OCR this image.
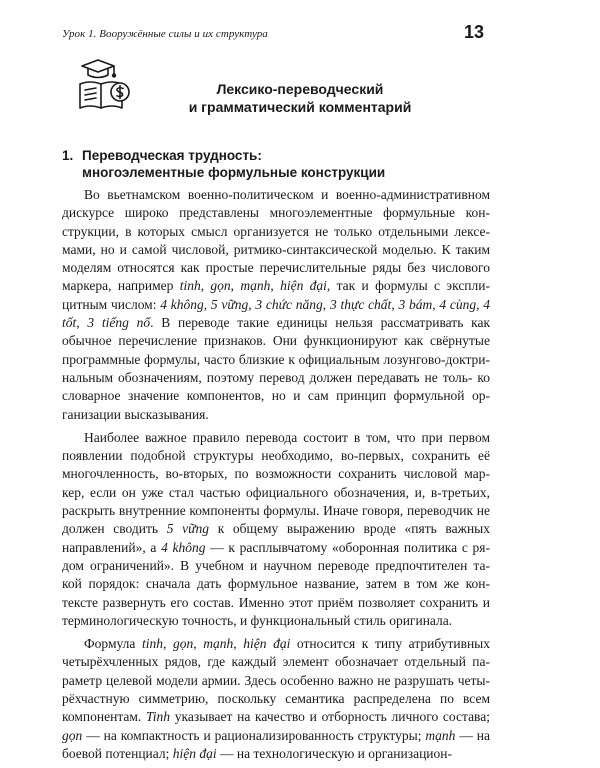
Урок 1. Вооружённые силы и их структура	13
Лексико-переводческий
и грамматический комментарий
1. Переводческая трудность:
многоэлементные формульные конструкции

Во вьетнамском военно-политическом и военно-административном дискурсе широко представлены многоэлементные формульные кон- струкции, в которых смысл организуется не только отдельными лексе- мами, но и самой числовой, ритмико-синтаксической моделью. К таким моделям относятся как простые перечислительные ряды без числового маркера, например tinh, gọn, mạnh, hiện đại, так и формулы с экспли- цитным числом: 4 không, 5 vững, 3 chức năng, 3 thực chất, 3 bám, 4 cùng, 4 tốt, 3 tiếng nổ. В переводе такие единицы нельзя рассматривать как обычное перечисление признаков. Они функционируют как свёрнутые программные формулы, часто близкие к официальным лозунгово-доктри- нальным обозначениям, поэтому перевод должен передавать не толь- ко словарное значение компонентов, но и сам принцип формульной ор- ганизации высказывания.

Наиболее важное правило перевода состоит в том, что при первом появлении подобной структуры необходимо, во-первых, сохранить её многочленность, во-вторых, по возможности сохранить числовой мар- кер, если он уже стал частью официального обозначения, и, в-третьих, раскрыть внутренние компоненты формулы. Иначе говоря, переводчик не должен сводить 5 vững к общему выражению вроде «пять важных направлений», а 4 không — к расплывчатому «оборонная политика с ря- дом ограничений». В учебном и научном переводе предпочтителен та- кой порядок: сначала дать формульное название, затем в том же кон- тексте развернуть его состав. Именно этот приём позволяет сохранить и терминологическую точность, и функциональный стиль оригинала.

Формула tinh, gọn, mạnh, hiện đại относится к типу атрибутивных четырёхчленных рядов, где каждый элемент обозначает отдельный па- раметр целевой модели армии. Здесь особенно важно не разрушать четы- рёхчастную симметрию, поскольку семантика распределена по всем компонентам. Tinh указывает на качество и отборность личного состава; gọn — на компактность и рационализированность структуры; mạnh — на боевой потенциал; hiện đại — на технологическую и организацион-
